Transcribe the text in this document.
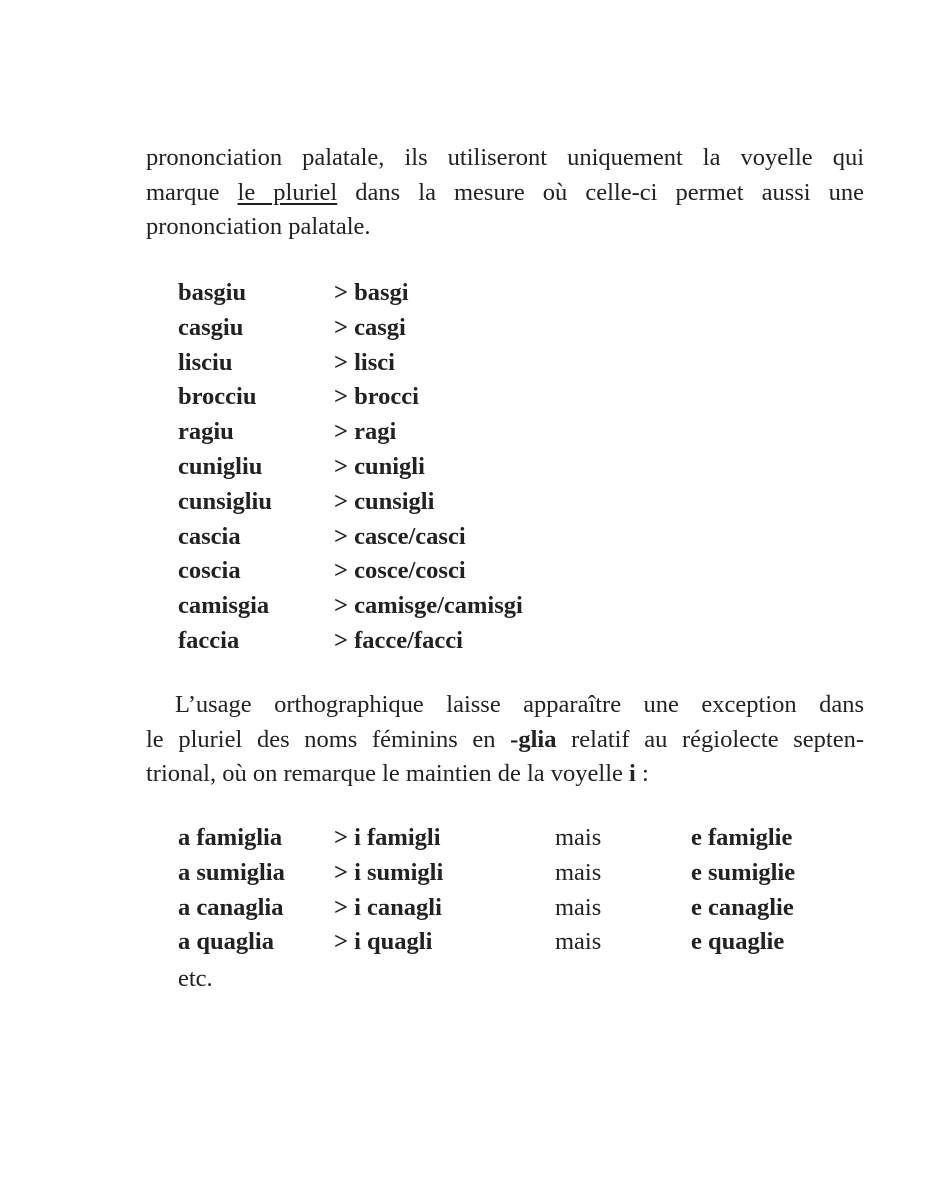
prononciation palatale, ils utiliseront uniquement la voyelle qui
marque le pluriel dans la mesure où celle-ci permet aussi une
prononciation palatale.
basgiu	> basgi
casgiu	> casgi
lisciu	> lisci
brocciu	> brocci
ragiu	> ragi
cunigliu	> cunigli
cunsigliu	> cunsigli
cascia	> casce/casci
coscia	> cosce/cosci
camisgia	> camisge/camisgi
faccia	> facce/facci
L’usage orthographique laisse apparaître une exception dans
le pluriel des noms féminins en -glia relatif au régiolecte septen-
trional, où on remarque le maintien de la voyelle i :
a famiglia > i famigli	mais	e famiglie
a sumiglia > i sumigli	mais	e sumiglie
a canaglia > i canagli	mais	e canaglie
a quaglia > i quagli	mais	e quaglie
etc.
